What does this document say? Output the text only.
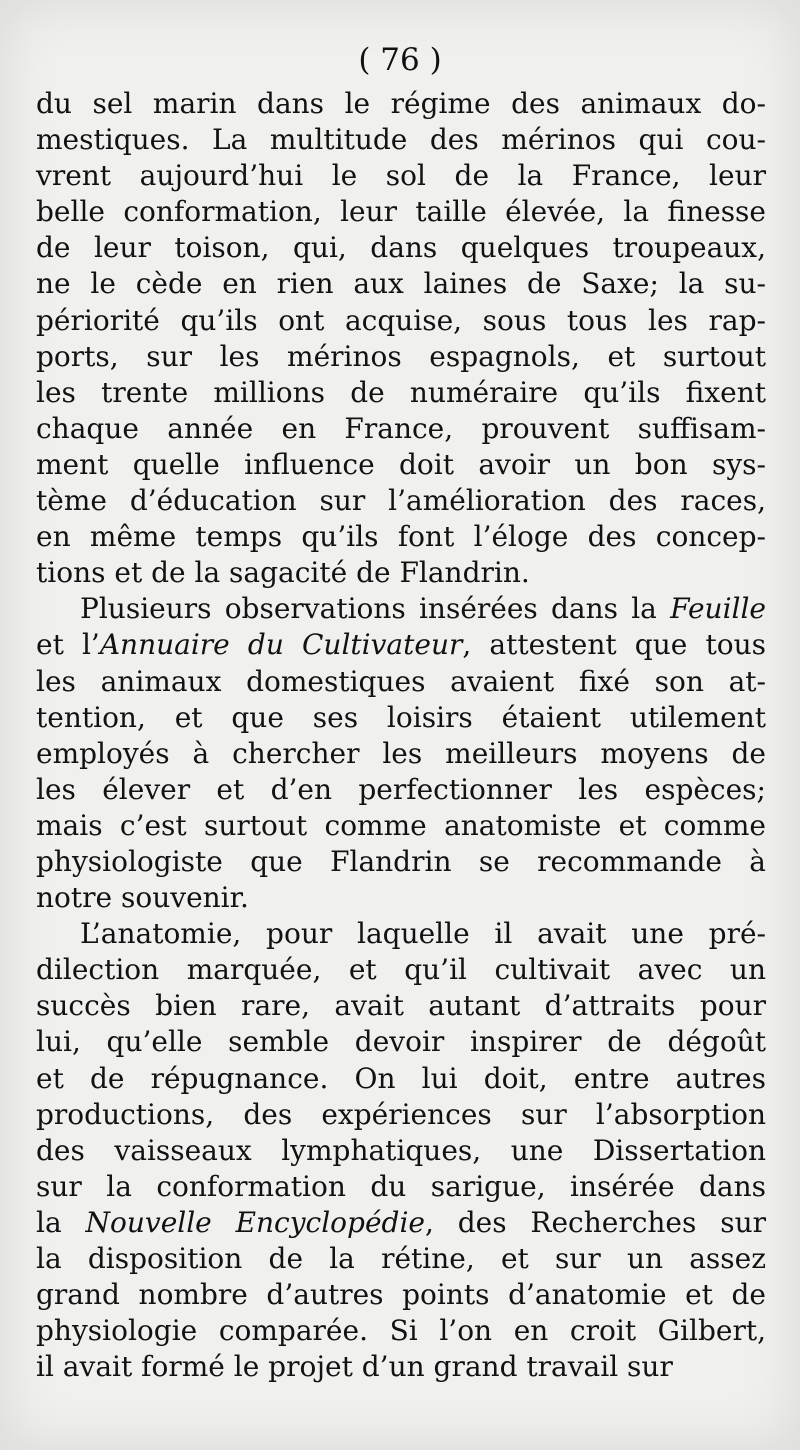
( 76 )
du sel marin dans le régime des animaux do-
mestiques. La multitude des mérinos qui cou-
vrent aujourd’hui le sol de la France, leur
belle conformation, leur taille élevée, la finesse
de leur toison, qui, dans quelques troupeaux,
ne le cède en rien aux laines de Saxe; la su-
périorité qu’ils ont acquise, sous tous les rap-
ports, sur les mérinos espagnols, et surtout
les trente millions de numéraire qu’ils fixent
chaque année en France, prouvent suffisam-
ment quelle influence doit avoir un bon sys-
tème d’éducation sur l’amélioration des races,
en même temps qu’ils font l’éloge des concep-
tions et de la sagacité de Flandrin.
Plusieurs observations insérées dans la Feuille
et l’Annuaire du Cultivateur, attestent que tous
les animaux domestiques avaient fixé son at-
tention, et que ses loisirs étaient utilement
employés à chercher les meilleurs moyens de
les élever et d’en perfectionner les espèces;
mais c’est surtout comme anatomiste et comme
physiologiste que Flandrin se recommande à
notre souvenir.
L’anatomie, pour laquelle il avait une pré-
dilection marquée, et qu’il cultivait avec un
succès bien rare, avait autant d’attraits pour
lui, qu’elle semble devoir inspirer de dégoût
et de répugnance. On lui doit, entre autres
productions, des expériences sur l’absorption
des vaisseaux lymphatiques, une Dissertation
sur la conformation du sarigue, insérée dans
la Nouvelle Encyclopédie, des Recherches sur
la disposition de la rétine, et sur un assez
grand nombre d’autres points d’anatomie et de
physiologie comparée. Si l’on en croit Gilbert,
il avait formé le projet d’un grand travail sur
